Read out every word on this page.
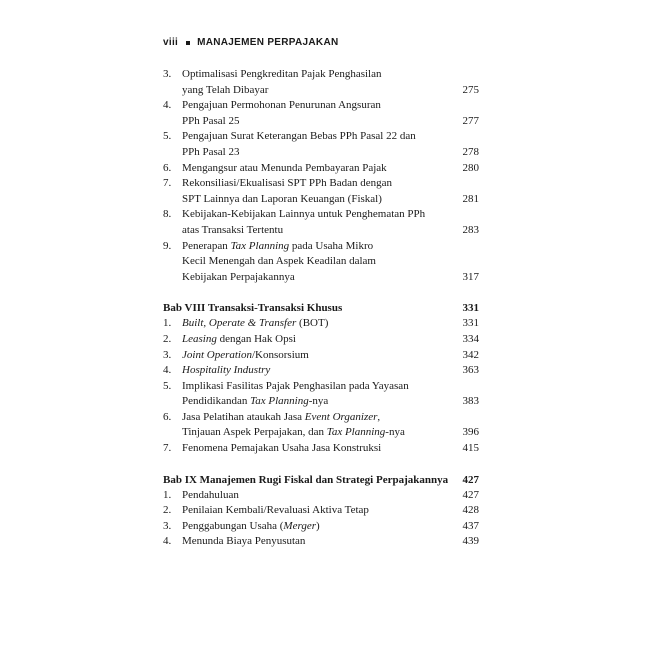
viii MANAJEMEN PERPAJAKAN
3. Optimalisasi Pengkreditan Pajak Penghasilan
yang Telah Dibayar	275
4. Pengajuan Permohonan Penurunan Angsuran
PPh Pasal 25	277
5. Pengajuan Surat Keterangan Bebas PPh Pasal 22 dan
PPh Pasal 23	278
6. Mengangsur atau Menunda Pembayaran Pajak	280
7. Rekonsiliasi/Ekualisasi SPT PPh Badan dengan
SPT Lainnya dan Laporan Keuangan (Fiskal)	281
8. Kebijakan-Kebijakan Lainnya untuk Penghematan PPh
atas Transaksi Tertentu	283
9. Penerapan Tax Planning pada Usaha Mikro
Kecil Menengah dan Aspek Keadilan dalam
Kebijakan Perpajakannya	317
Bab VIII Transaksi-Transaksi Khusus	331
1. Built, Operate & Transfer (BOT)	331
2. Leasing dengan Hak Opsi	334
3. Joint Operation/Konsorsium	342
4. Hospitality Industry	363
5. Implikasi Fasilitas Pajak Penghasilan pada Yayasan
Pendidikandan Tax Planning-nya	383
6. Jasa Pelatihan ataukah Jasa Event Organizer,
Tinjauan Aspek Perpajakan, dan Tax Planning-nya	396
7. Fenomena Pemajakan Usaha Jasa Konstruksi	415
Bab IX Manajemen Rugi Fiskal dan Strategi Perpajakannya	427
1. Pendahuluan	427
2. Penilaian Kembali/Revaluasi Aktiva Tetap	428
3. Penggabungan Usaha (Merger)	437
4. Menunda Biaya Penyusutan	439
